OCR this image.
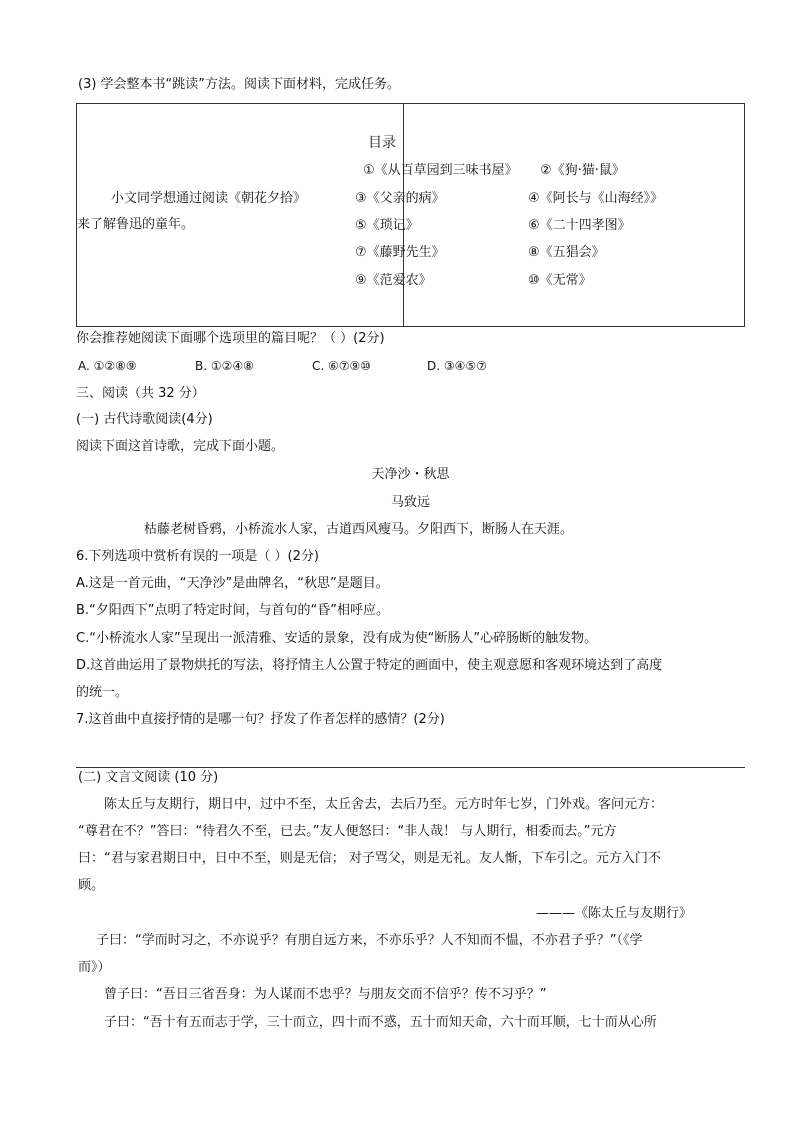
(3) 学会整本书“跳读”方法。阅读下面材料，完成任务。
小文同学想通过阅读《朝花夕拾》
来了解鲁迅的童年。
目录
①《从百草园到三味书屋》 ②《狗·猫·鼠》
③《父亲的病》	④《阿长与《山海经》》
⑤《琐记》	⑥《二十四孝图》
⑦《藤野先生》	⑧《五猖会》
⑨《范爱农》	⑩《无常》
你会推荐她阅读下面哪个选项里的篇目呢？（ ）(2分)
A. ①②⑧⑨	B. ①②④⑧	C. ⑥⑦⑨⑩	D. ③④⑤⑦
三、阅读（共 32 分）
(一) 古代诗歌阅读(4分)
阅读下面这首诗歌，完成下面小题。
天净沙・秋思
马致远
枯藤老树昏鸦，小桥流水人家，古道西风瘦马。夕阳西下，断肠人在天涯。
6.下列选项中赏析有误的一项是（ ）(2分)
A.这是一首元曲，“天净沙”是曲牌名，“秋思”是题目。
B.“夕阳西下”点明了特定时间，与首句的“昏”相呼应。
C.“小桥流水人家”呈现出一派清雅、安适的景象，没有成为使“断肠人”心碎肠断的触发物。
D.这首曲运用了景物烘托的写法，将抒情主人公置于特定的画面中，使主观意愿和客观环境达到了高度
的统一。
7.这首曲中直接抒情的是哪一句？抒发了作者怎样的感情？(2分)
(二) 文言文阅读 (10 分)
陈太丘与友期行，期日中，过中不至，太丘舍去，去后乃至。元方时年七岁，门外戏。客问元方：
“尊君在不？”答曰：“待君久不至，已去。”友人便怒曰：“非人哉！ 与人期行，相委而去。”元方
曰：“君与家君期日中，日中不至，则是无信； 对子骂父，则是无礼。友人惭，下车引之。元方入门不
顾。
———《陈太丘与友期行》
子曰：“学而时习之，不亦说乎？有朋自远方来，不亦乐乎？人不知而不愠，不亦君子乎？”（《学
而》）
曾子曰：“吾日三省吾身：为人谋而不忠乎？与朋友交而不信乎？传不习乎？”
子曰：“吾十有五而志于学，三十而立，四十而不惑，五十而知天命，六十而耳顺，七十而从心所
